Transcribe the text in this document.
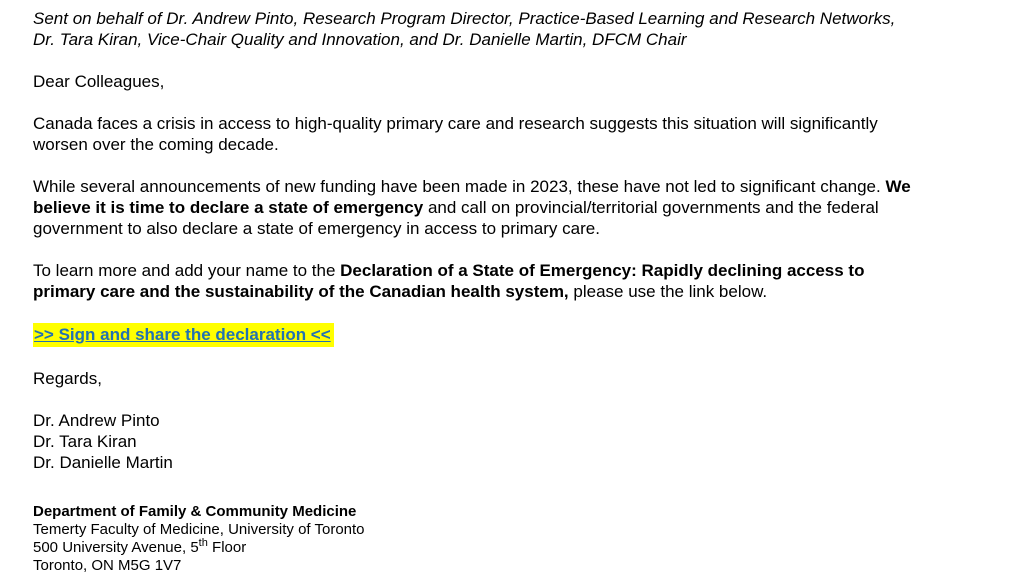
Sent on behalf of Dr. Andrew Pinto, Research Program Director, Practice-Based Learning and Research Networks,
Dr. Tara Kiran, Vice-Chair Quality and Innovation, and Dr. Danielle Martin, DFCM Chair

Dear Colleagues,

Canada faces a crisis in access to high-quality primary care and research suggests this situation will significantly
worsen over the coming decade.

While several announcements of new funding have been made in 2023, these have not led to significant change. We
believe it is time to declare a state of emergency and call on provincial/territorial governments and the federal
government to also declare a state of emergency in access to primary care.

To learn more and add your name to the Declaration of a State of Emergency: Rapidly declining access to
primary care and the sustainability of the Canadian health system, please use the link below.

>> Sign and share the declaration <<

Regards,

Dr. Andrew Pinto
Dr. Tara Kiran
Dr. Danielle Martin

Department of Family & Community Medicine
Temerty Faculty of Medicine, University of Toronto
500 University Avenue, 5th Floor
Toronto, ON M5G 1V7
